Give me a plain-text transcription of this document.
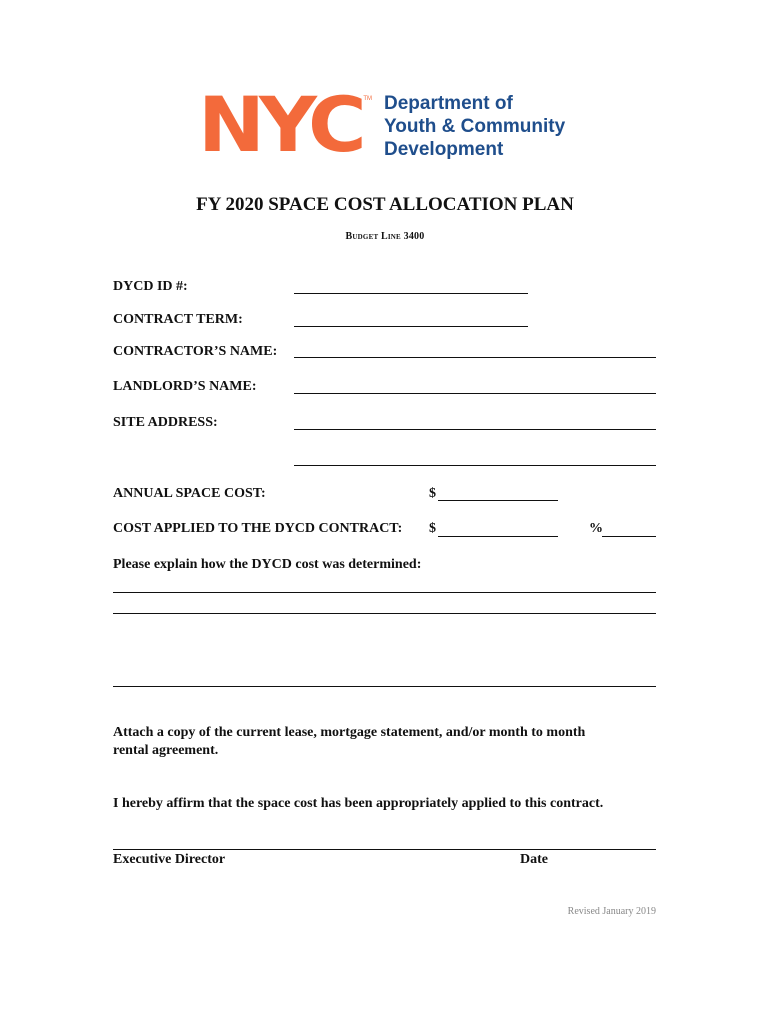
NYC TM Department of
Youth & Community
Development
FY 2020 SPACE COST ALLOCATION PLAN
Budget Line 3400
DYCD ID #:
CONTRACT TERM:
CONTRACTOR’S NAME:
LANDLORD’S NAME:
SITE ADDRESS:
ANNUAL SPACE COST:	$
COST APPLIED TO THE DYCD CONTRACT: $	%
Please explain how the DYCD cost was determined:
Attach a copy of the current lease, mortgage statement, and/or month to month
rental agreement.
I hereby affirm that the space cost has been appropriately applied to this contract.
Executive Director	Date
Revised January 2019
